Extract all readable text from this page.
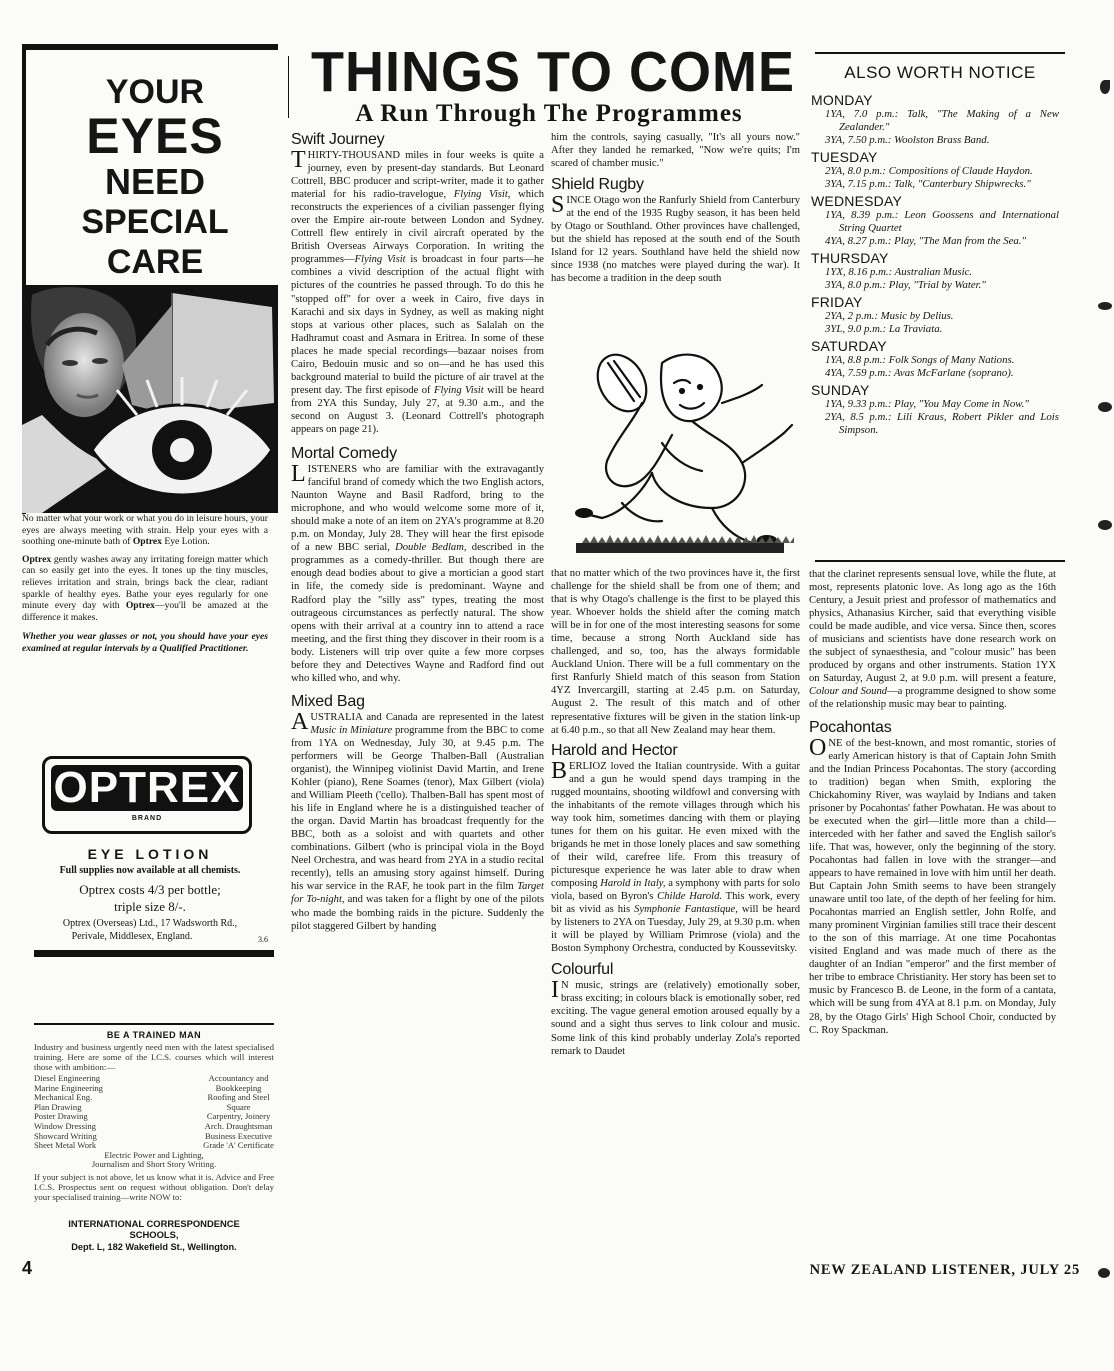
YOUR
EYES
NEED
SPECIAL
CARE

No matter what your work or what you do in leisure hours, your eyes are always meeting with strain. Help your eyes with a soothing one-minute bath of Optrex Eye Lotion.

Optrex gently washes away any irritating foreign matter which can so easily get into the eyes. It tones up the tiny muscles, relieves irritation and strain, brings back the clear, radiant sparkle of healthy eyes. Bathe your eyes regularly for one minute every day with Optrex—you'll be amazed at the difference it makes.

Whether you wear glasses or not, you should have your eyes examined at regular intervals by a Qualified Practitioner.

OPTREX
BRAND
EYE LOTION
Full supplies now available at all chemists.
Optrex costs 4/3 per bottle;
triple size 8/-.
Optrex (Overseas) Ltd., 17 Wadsworth Rd.,
Perivale, Middlesex, England.	3.6
BE A TRAINED MAN
Industry and business urgently need men with the latest specialised training. Here are some of the I.C.S. courses which will interest those with ambition:—
Diesel Engineering
Marine Engineering
Mechanical Eng.
Plan Drawing
Poster Drawing
Window Dressing
Showcard Writing
Sheet Metal Work
Accountancy and
Bookkeeping
Roofing and Steel
Square
Carpentry, Joinery
Arch. Draughtsman
Business Executive
Grade 'A' Certificate
Electric Power and Lighting,
Journalism and Short Story Writing.
If your subject is not above, let us know what it is. Advice and Free I.C.S. Prospectus sent on request without obligation. Don't delay your specialised training—write NOW to:
INTERNATIONAL CORRESPONDENCE
SCHOOLS,
Dept. L, 182 Wakefield St., Wellington.
THINGS TO COME
A Run Through The Programmes
Swift Journey

THIRTY-THOUSAND miles in four weeks is quite a journey, even by present-day standards. But Leonard Cottrell, BBC producer and script-writer, made it to gather material for his radio-travelogue, Flying Visit, which reconstructs the experiences of a civilian passenger flying over the Empire air-route between London and Sydney. Cottrell flew entirely in civil aircraft operated by the British Overseas Airways Corporation. In writing the programmes—Flying Visit is broadcast in four parts—he combines a vivid description of the actual flight with pictures of the countries he passed through. To do this he "stopped off" for over a week in Cairo, five days in Karachi and six days in Sydney, as well as making night stops at various other places, such as Salalah on the Hadhramut coast and Asmara in Eritrea. In some of these places he made special recordings—bazaar noises from Cairo, Bedouin music and so on—and he has used this background material to build the picture of air travel at the present day. The first episode of Flying Visit will be heard from 2YA this Sunday, July 27, at 9.30 a.m., and the second on August 3. (Leonard Cottrell's photograph appears on page 21).

Mortal Comedy

LISTENERS who are familiar with the extravagantly fanciful brand of comedy which the two English actors, Naunton Wayne and Basil Radford, bring to the microphone, and who would welcome some more of it, should make a note of an item on 2YA's programme at 8.20 p.m. on Monday, July 28. They will hear the first episode of a new BBC serial, Double Bedlam, described in the programmes as a comedy-thriller. But though there are enough dead bodies about to give a mortician a good start in life, the comedy side is predominant. Wayne and Radford play the "silly ass" types, treating the most outrageous circumstances as perfectly natural. The show opens with their arrival at a country inn to attend a race meeting, and the first thing they discover in their room is a body. Listeners will trip over quite a few more corpses before they and Detectives Wayne and Radford find out who killed who, and why.

Mixed Bag

AUSTRALIA and Canada are represented in the latest Music in Miniature programme from the BBC to come from 1YA on Wednesday, July 30, at 9.45 p.m. The performers will be George Thalben-Ball (Australian organist), the Winnipeg violinist David Martin, and Irene Kohler (piano), Rene Soames (tenor), Max Gilbert (viola) and William Pleeth ('cello). Thalben-Ball has spent most of his life in England where he is a distinguished teacher of the organ. David Martin has broadcast frequently for the BBC, both as a soloist and with quartets and other combinations. Gilbert (who is principal viola in the Boyd Neel Orchestra, and was heard from 2YA in a studio recital recently), tells an amusing story against himself. During his war service in the RAF, he took part in the film Target for To-night, and was taken for a flight by one of the pilots who made the bombing raids in the picture. Suddenly the pilot staggered Gilbert by handing

him the controls, saying casually, "It's all yours now." After they landed he remarked, "Now we're quits; I'm scared of chamber music."
Shield Rugby

SINCE Otago won the Ranfurly Shield from Canterbury at the end of the 1935 Rugby season, it has been held by Otago or Southland. Other provinces have challenged, but the shield has reposed at the south end of the South Island for 12 years. Southland have held the shield now since 1938 (no matches were played during the war). It has become a tradition in the deep south

that no matter which of the two provinces have it, the first challenge for the shield shall be from one of them; and that is why Otago's challenge is the first to be played this year. Whoever holds the shield after the coming match will be in for one of the most interesting seasons for some time, because a strong North Auckland side has challenged, and so, too, has the always formidable Auckland Union. There will be a full commentary on the first Ranfurly Shield match of this season from Station 4YZ Invercargill, starting at 2.45 p.m. on Saturday, August 2. The result of this match and of other representative fixtures will be given in the station link-up at 6.40 p.m., so that all New Zealand may hear them.
Harold and Hector

BERLIOZ loved the Italian countryside. With a guitar and a gun he would spend days tramping in the rugged mountains, shooting wildfowl and conversing with the inhabitants of the remote villages through which his way took him, sometimes dancing with them or playing tunes for them on his guitar. He even mixed with the brigands he met in those lonely places and saw something of their wild, carefree life. From this treasury of picturesque experience he was later able to draw when composing Harold in Italy, a symphony with parts for solo viola, based on Byron's Childe Harold. This work, every bit as vivid as his Symphonie Fantastique, will be heard by listeners to 2YA on Tuesday, July 29, at 9.30 p.m. when it will be played by William Primrose (viola) and the Boston Symphony Orchestra, conducted by Koussevitsky.

Colourful

I N music, strings are (relatively) emotionally sober, brass exciting; in colours black is emotionally sober, red exciting. The vague general emotion aroused equally by a sound and a sight thus serves to link colour and music. Some link of this kind probably underlay Zola's reported remark to Daudet

ALSO WORTH NOTICE
MONDAY
1YA, 7.0 p.m.: Talk, "The Making of a New Zealander."
3YA, 7.50 p.m.: Woolston Brass Band.
TUESDAY
2YA, 8.0 p.m.: Compositions of Claude Haydon.
3YA, 7.15 p.m.: Talk, "Canterbury Shipwrecks."
WEDNESDAY
1YA, 8.39 p.m.: Leon Goossens and International String Quartet
4YA, 8.27 p.m.: Play, "The Man from the Sea."
THURSDAY
1YX, 8.16 p.m.: Australian Music.
3YA, 8.0 p.m.: Play, "Trial by Water."
FRIDAY
2YA, 2 p.m.: Music by Delius.
3YL, 9.0 p.m.: La Traviata.
SATURDAY
1YA, 8.8 p.m.: Folk Songs of Many Nations.
4YA, 7.59 p.m.: Avas McFarlane (soprano).
SUNDAY
1YA, 9.33 p.m.: Play, "You May Come in Now."
2YA, 8.5 p.m.: Lili Kraus, Robert Pikler and Lois Simpson.

that the clarinet represents sensual love, while the flute, at most, represents platonic love. As long ago as the 16th Century, a Jesuit priest and professor of mathematics and physics, Athanasius Kircher, said that everything visible could be made audible, and vice versa. Since then, scores of musicians and scientists have done research work on the subject of synaesthesia, and "colour music" has been produced by organs and other instruments. Station 1YX on Saturday, August 2, at 9.0 p.m. will present a feature, Colour and Sound—a programme designed to show some of the relationship music may bear to painting.

Pocahontas

ONE of the best-known, and most romantic, stories of early American history is that of Captain John Smith and the Indian Princess Pocahontas. The story (according to tradition) began when Smith, exploring the Chickahominy River, was waylaid by Indians and taken prisoner by Pocahontas' father Powhatan. He was about to be executed when the girl—little more than a child—interceded with her father and saved the English sailor's life. That was, however, only the beginning of the story. Pocahontas had fallen in love with the stranger—and appears to have remained in love with him until her death. But Captain John Smith seems to have been strangely unaware until too late, of the depth of her feeling for him. Pocahontas married an English settler, John Rolfe, and many prominent Virginian families still trace their descent to the son of this marriage. At one time Pocahontas visited England and was made much of there as the daughter of an Indian "emperor" and the first member of her tribe to embrace Christianity. Her story has been set to music by Francesco B. de Leone, in the form of a cantata, which will be sung from 4YA at 8.1 p.m. on Monday, July 28, by the Otago Girls' High School Choir, conducted by C. Roy Spackman.

4	NEW ZEALAND LISTENER, JULY 25
